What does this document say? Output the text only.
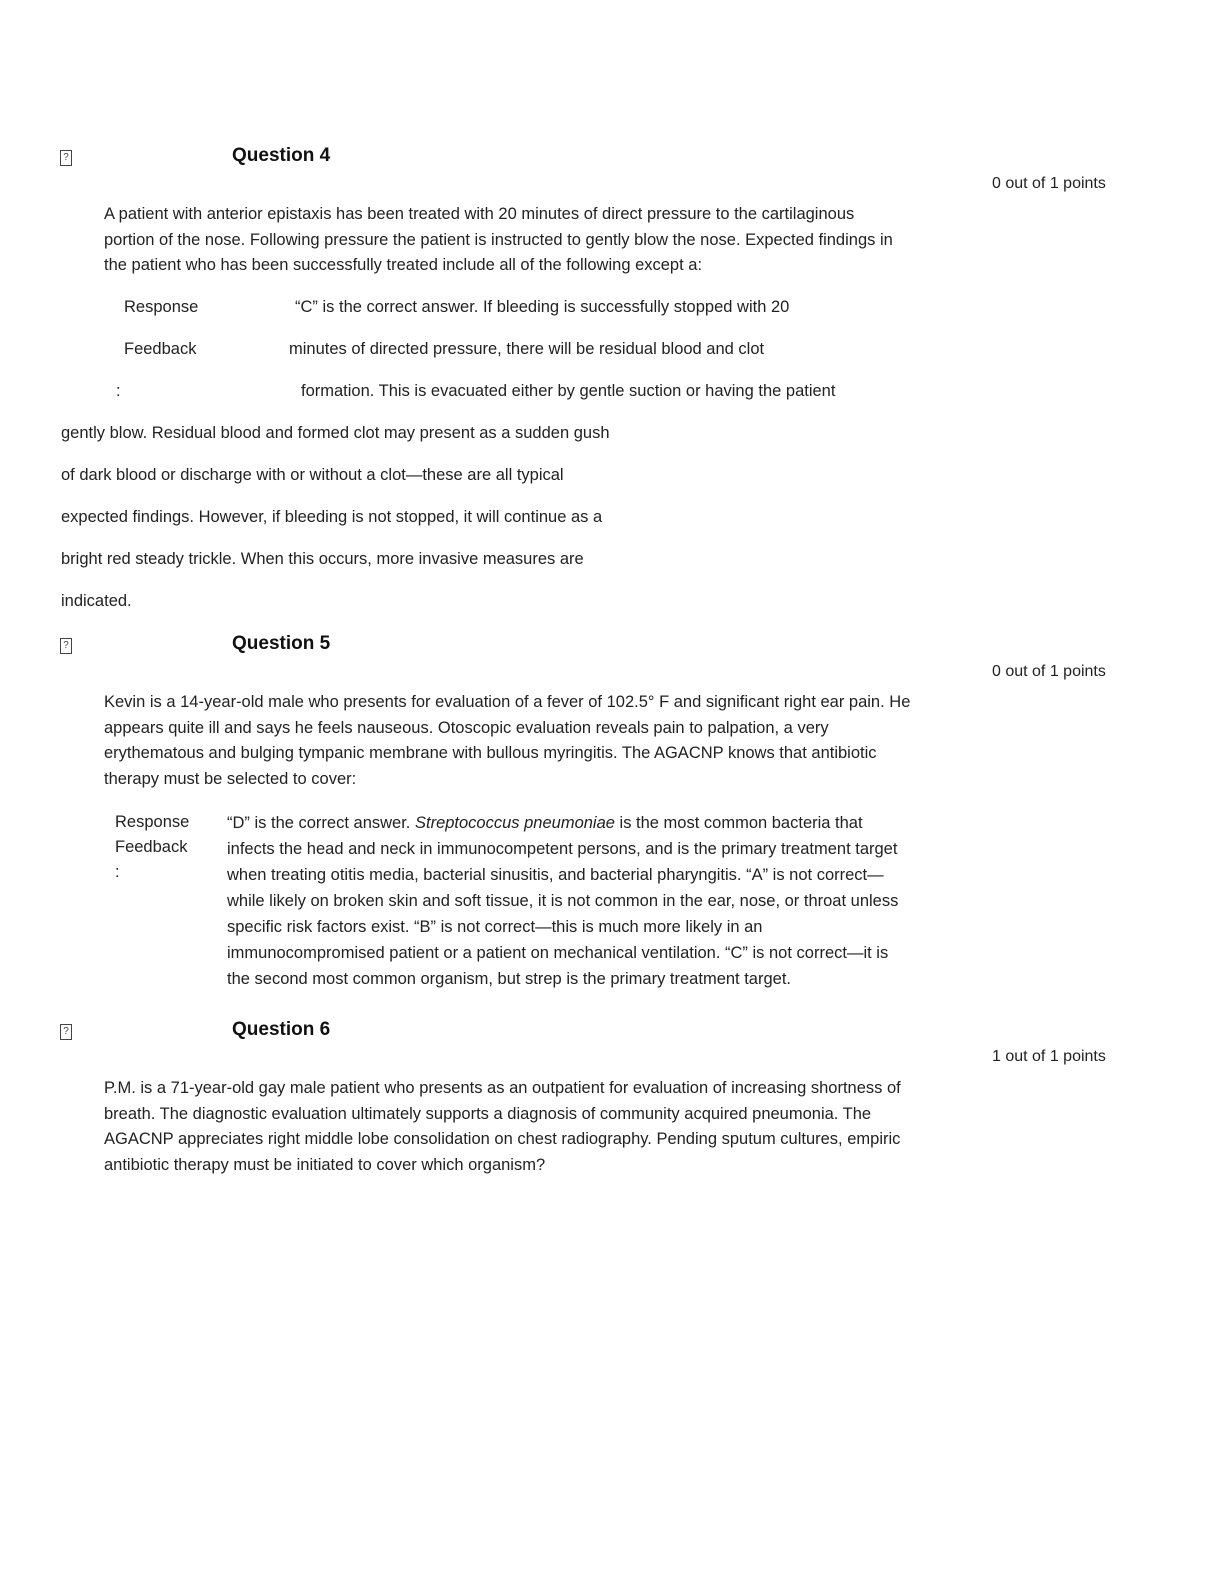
?	Question 4
0 out of 1 points
A patient with anterior epistaxis has been treated with 20 minutes of direct pressure to the cartilaginous
portion of the nose. Following pressure the patient is instructed to gently blow the nose. Expected findings in
the patient who has been successfully treated include all of the following except a:
Response
Feedback
:
“C” is the correct answer. If bleeding is successfully stopped with 20
minutes of directed pressure, there will be residual blood and clot
formation. This is evacuated either by gentle suction or having the patient
gently blow. Residual blood and formed clot may present as a sudden gush
of dark blood or discharge with or without a clot—these are all typical
expected findings. However, if bleeding is not stopped, it will continue as a
bright red steady trickle. When this occurs, more invasive measures are
indicated.
?	Question 5
0 out of 1 points
Kevin is a 14-year-old male who presents for evaluation of a fever of 102.5° F and significant right ear pain. He
appears quite ill and says he feels nauseous. Otoscopic evaluation reveals pain to palpation, a very
erythematous and bulging tympanic membrane with bullous myringitis. The AGACNP knows that antibiotic
therapy must be selected to cover:
Response
Feedback
:
“D” is the correct answer. Streptococcus pneumoniae is the most common bacteria that
infects the head and neck in immunocompetent persons, and is the primary treatment target
when treating otitis media, bacterial sinusitis, and bacterial pharyngitis. “A” is not correct—
while likely on broken skin and soft tissue, it is not common in the ear, nose, or throat unless
specific risk factors exist. “B” is not correct—this is much more likely in an
immunocompromised patient or a patient on mechanical ventilation. “C” is not correct—it is
the second most common organism, but strep is the primary treatment target.
?	Question 6
1 out of 1 points
P.M. is a 71-year-old gay male patient who presents as an outpatient for evaluation of increasing shortness of
breath. The diagnostic evaluation ultimately supports a diagnosis of community acquired pneumonia. The
AGACNP appreciates right middle lobe consolidation on chest radiography. Pending sputum cultures, empiric
antibiotic therapy must be initiated to cover which organism?
